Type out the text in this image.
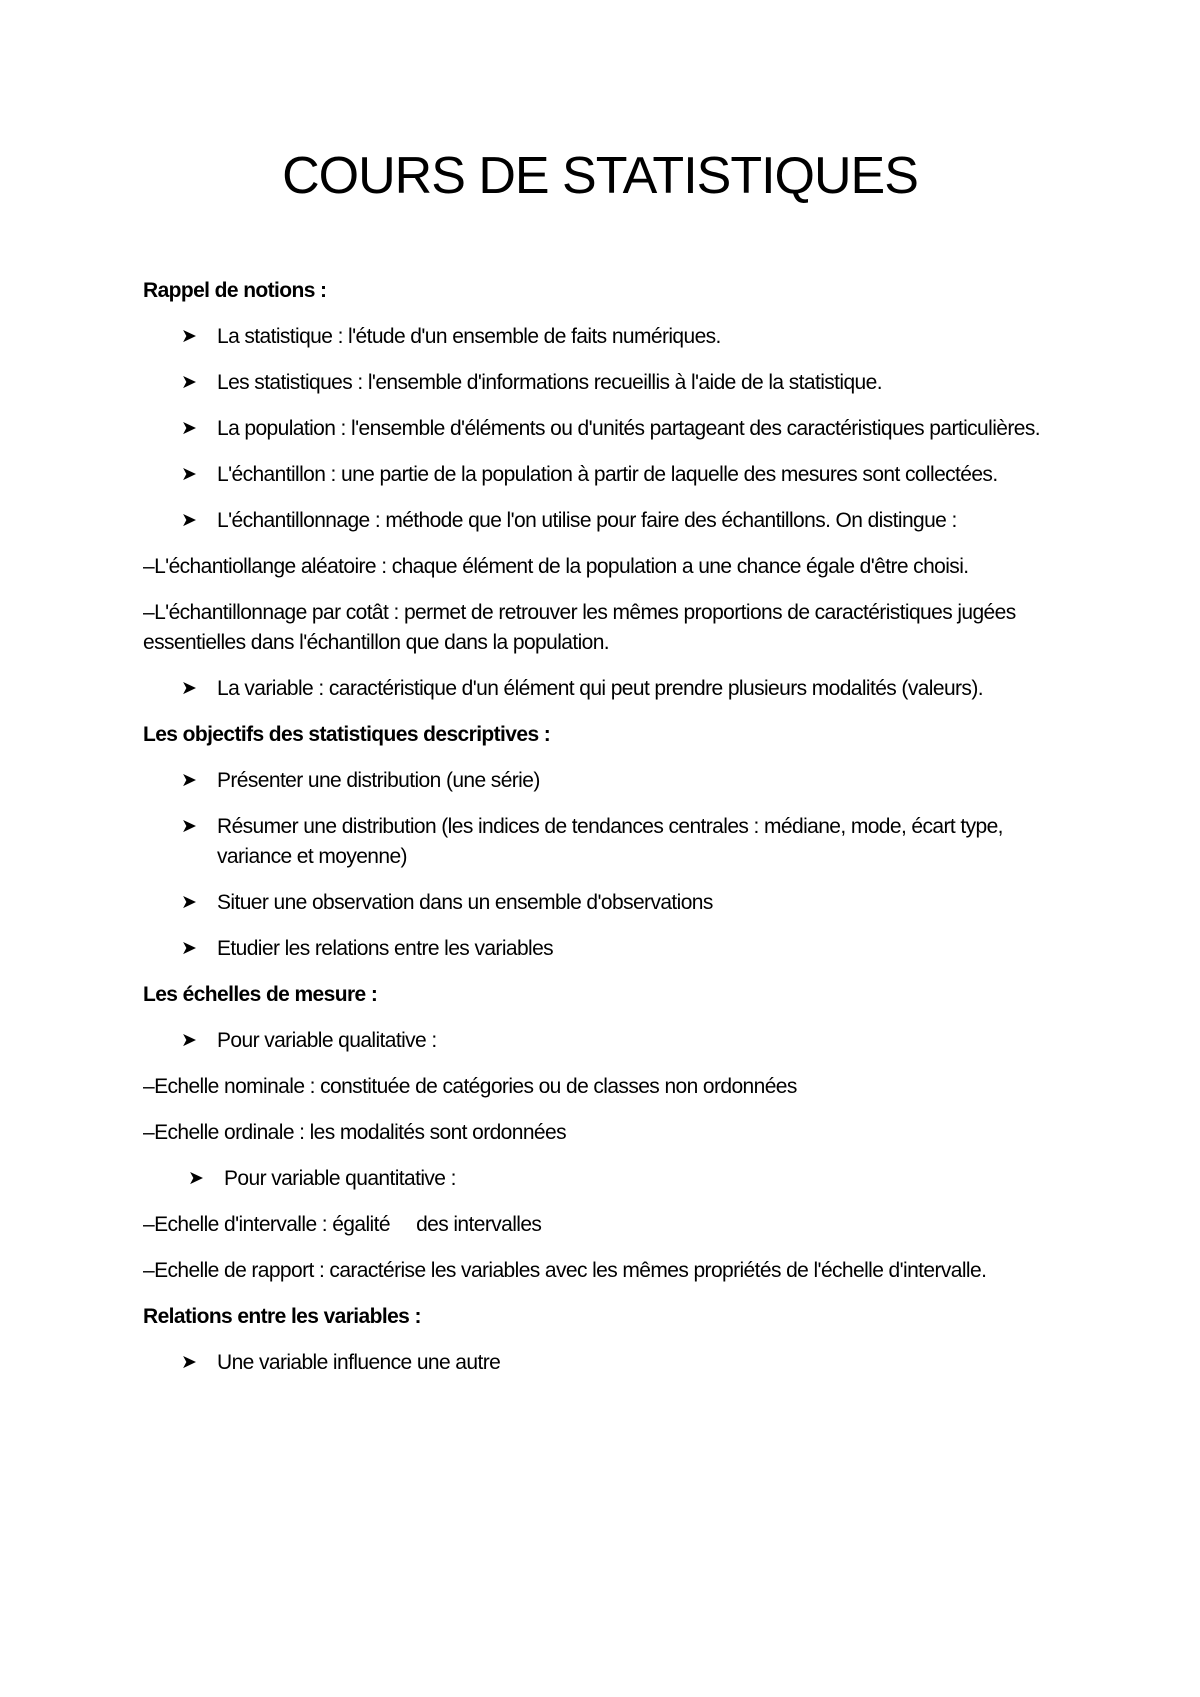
COURS DE STATISTIQUES
Rappel de notions :
➤ La statistique : l'étude d'un ensemble de faits numériques.
➤ Les statistiques : l'ensemble d'informations recueillis à l'aide de la statistique.
➤ La population : l'ensemble d'éléments ou d'unités partageant des caractéristiques particulières.
➤ L'échantillon : une partie de la population à partir de laquelle des mesures sont collectées.
➤ L'échantillonnage : méthode que l'on utilise pour faire des échantillons. On distingue :
–L'échantiollange aléatoire : chaque élément de la population a une chance égale d'être choisi.
–L'échantillonnage par cotât : permet de retrouver les mêmes proportions de caractéristiques jugées essentielles dans l'échantillon que dans la population.
➤ La variable : caractéristique d'un élément qui peut prendre plusieurs modalités (valeurs).
Les objectifs des statistiques descriptives :
➤ Présenter une distribution (une série)
➤ Résumer une distribution (les indices de tendances centrales : médiane, mode, écart type, variance et moyenne)
➤ Situer une observation dans un ensemble d'observations
➤ Etudier les relations entre les variables
Les échelles de mesure :
➤ Pour variable qualitative :
–Echelle nominale : constituée de catégories ou de classes non ordonnées
–Echelle ordinale : les modalités sont ordonnées
➤ Pour variable quantitative :
–Echelle d'intervalle : égalité     des intervalles
–Echelle de rapport : caractérise les variables avec les mêmes propriétés de l'échelle d'intervalle.
Relations entre les variables :
➤ Une variable influence une autre
